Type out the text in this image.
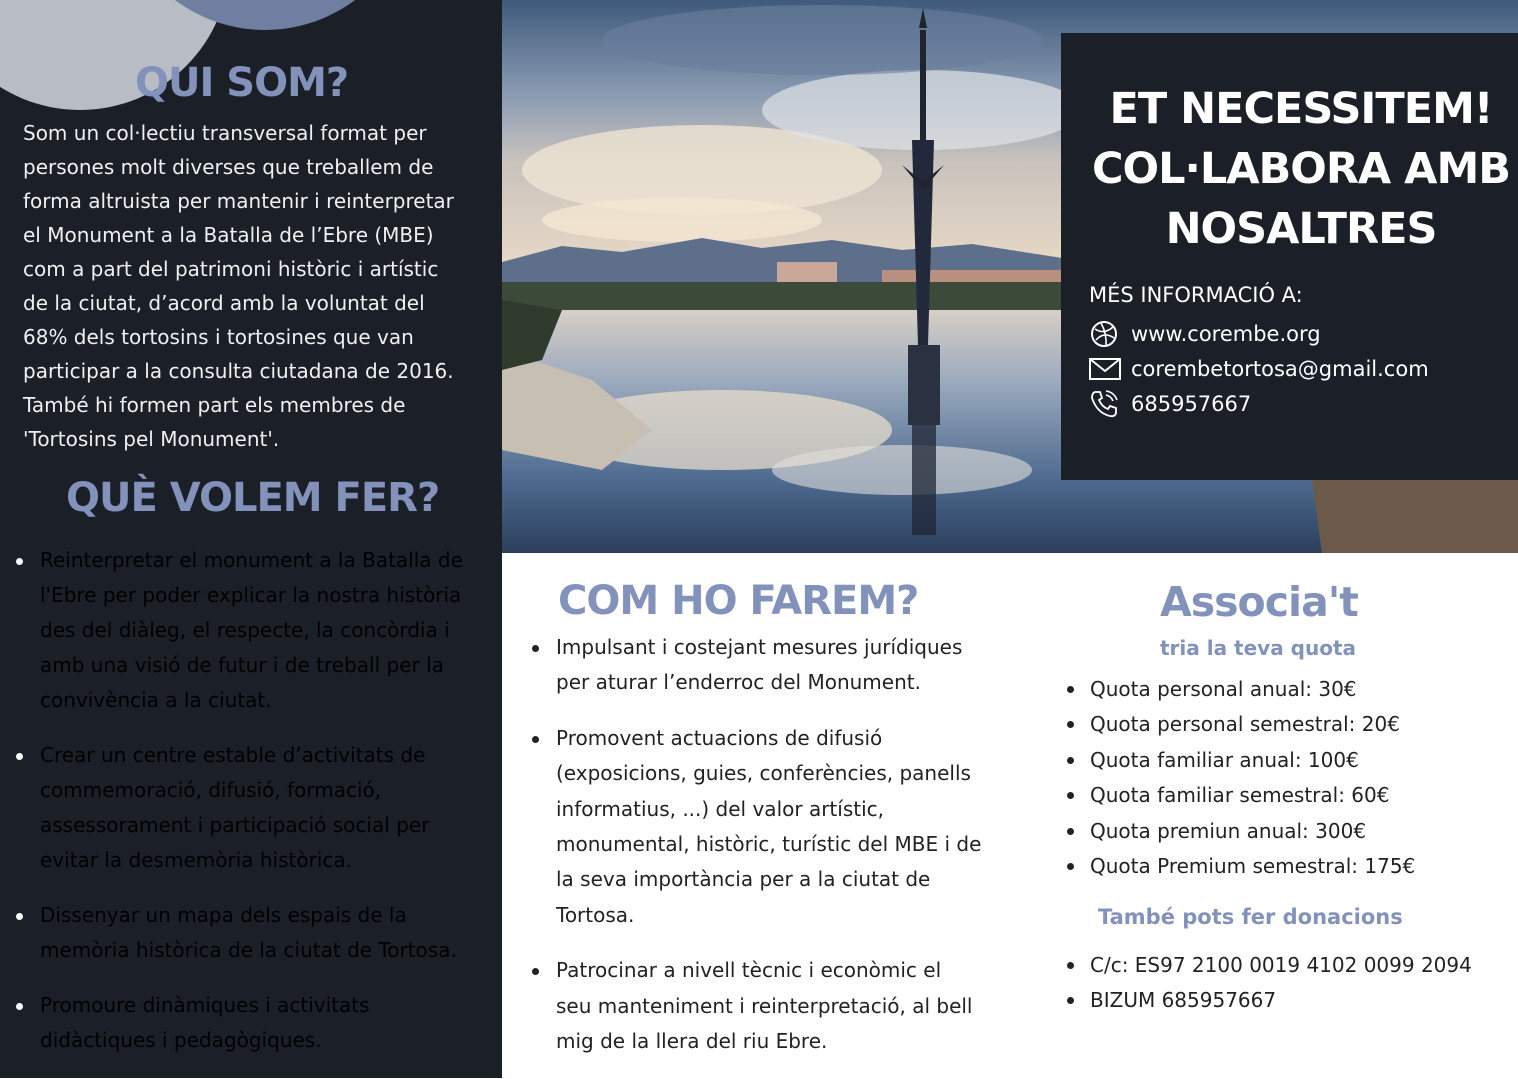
QUI SOM?
Som un col·lectiu transversal format per
persones molt diverses que treballem de
forma altruista per mantenir i reinterpretar
el Monument a la Batalla de l’Ebre (MBE)
com a part del patrimoni històric i artístic
de la ciutat, d’acord amb la voluntat del
68% dels tortosins i tortosines que van
participar a la consulta ciutadana de 2016.
També hi formen part els membres de
'Tortosins pel Monument'.
QUÈ VOLEM FER?
Reinterpretar el monument a la Batalla de
l'Ebre per poder explicar la nostra història
des del diàleg, el respecte, la concòrdia i
amb una visió de futur i de treball per la
convivència a la ciutat.
Crear un centre estable d’activitats de
commemoració, difusió, formació,
assessorament i participació social per
evitar la desmemòria històrica.
Dissenyar un mapa dels espais de la
memòria històrica de la ciutat de Tortosa.
Promoure dinàmiques i activitats
didàctiques i pedagògiques.
ET NECESSITEM!
COL·LABORA AMB
NOSALTRES
MÉS INFORMACIÓ A:
www.corembe.org
corembetortosa@gmail.com
685957667
COM HO FAREM?
Impulsant i costejant mesures jurídiques
per aturar l’enderroc del Monument.
Promovent actuacions de difusió
(exposicions, guies, conferències, panells
informatius, ...) del valor artístic,
monumental, històric, turístic del MBE i de
la seva importància per a la ciutat de
Tortosa.
Patrocinar a nivell tècnic i econòmic el
seu manteniment i reinterpretació, al bell
mig de la llera del riu Ebre.
Associa't
tria la teva quota
Quota personal anual: 30€
Quota personal semestral: 20€
Quota familiar anual: 100€
Quota familiar semestral: 60€
Quota premiun anual: 300€
Quota Premium semestral: 175€
També pots fer donacions
C/c: ES97 2100 0019 4102 0099 2094
BIZUM 685957667
